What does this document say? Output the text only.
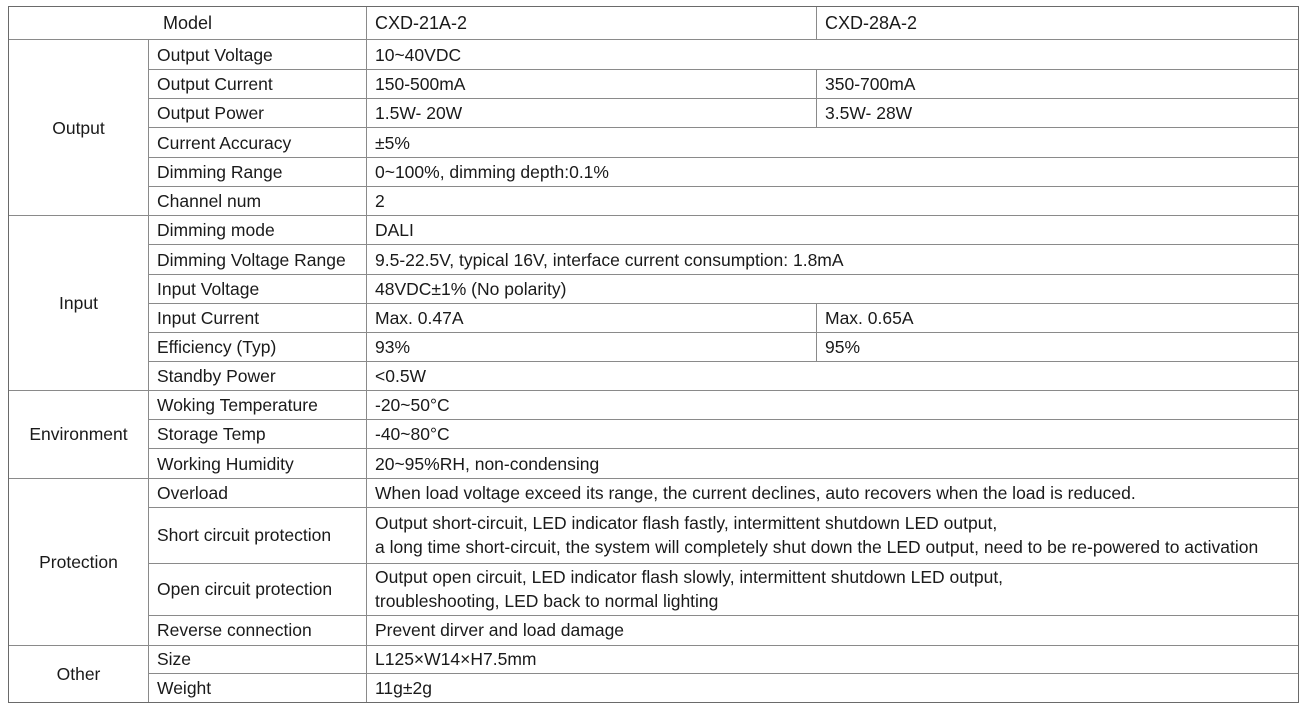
Model		CXD-21A-2	CXD-28A-2
Output	Output Voltage	10~40VDC	
	Output Current	150-500mA	350-700mA
	Output Power	1.5W- 20W	3.5W- 28W
	Current Accuracy	±5%	
	Dimming Range	0~100%, dimming depth:0.1%	
	Channel num	2	
Input	Dimming mode	DALI	
	Dimming Voltage Range	9.5-22.5V, typical 16V, interface current consumption: 1.8mA	
	Input Voltage	48VDC±1% (No polarity)	
	Input Current	Max. 0.47A	Max. 0.65A
	Efficiency (Typ)	93%	95%
	Standby Power	<0.5W	
Environment	Woking Temperature	-20~50°C	
	Storage Temp	-40~80°C	
	Working Humidity	20~95%RH, non-condensing	
Protection	Overload	When load voltage exceed its range, the current declines, auto recovers when the load is reduced.	
	Short circuit protection	Output short-circuit, LED indicator flash fastly, intermittent shutdown LED output,
a long time short-circuit, the system will completely shut down the LED output, need to be re-powered to activation	

	Open circuit protection	Output open circuit, LED indicator flash slowly, intermittent shutdown LED output,
troubleshooting, LED back to normal lighting	

	Reverse connection	Prevent dirver and load damage	
Other	Size	L125×W14×H7.5mm	
	Weight	11g±2g	
